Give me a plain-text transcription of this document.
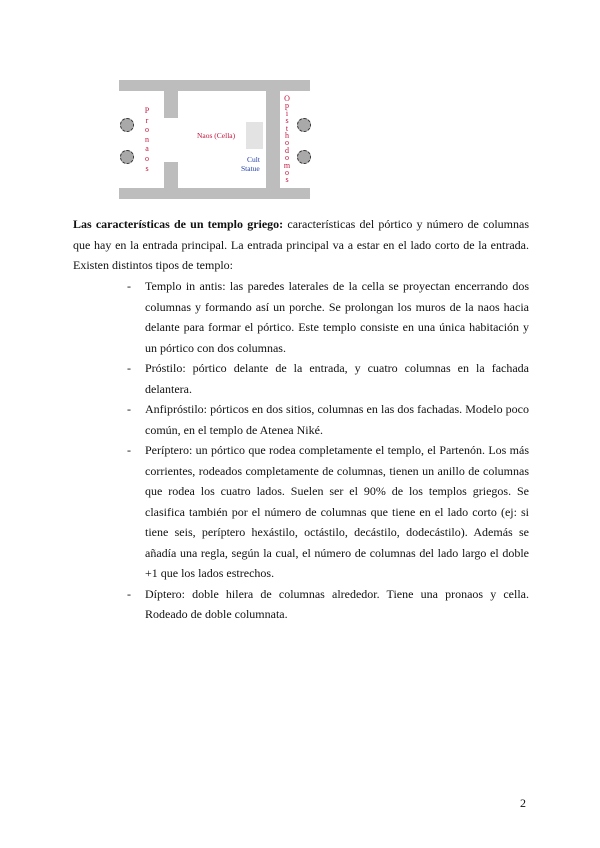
P
r
o
n
a
o
s
O
p
i
s
t
h
o
d
o
m
o
s
Naos (Cella)
Cult
Statue

Las características de un templo griego: características del pórtico y número de columnas que hay en la entrada principal. La entrada principal va a estar en el lado corto de la entrada. Existen distintos tipos de templo:

- Templo in antis: las paredes laterales de la cella se proyectan encerrando dos columnas y formando así un porche. Se prolongan los muros de la naos hacia delante para formar el pórtico. Este templo consiste en una única habitación y un pórtico con dos columnas.
- Próstilo: pórtico delante de la entrada, y cuatro columnas en la fachada delantera.
- Anfipróstilo: pórticos en dos sitios, columnas en las dos fachadas. Modelo poco común, en el templo de Atenea Niké.
- Períptero: un pórtico que rodea completamente el templo, el Partenón. Los más corrientes, rodeados completamente de columnas, tienen un anillo de columnas que rodea los cuatro lados. Suelen ser el 90% de los templos griegos. Se clasifica también por el número de columnas que tiene en el lado corto (ej: si tiene seis, períptero hexástilo, octástilo, decástilo, dodecástilo). Además se añadía una regla, según la cual, el número de columnas del lado largo el doble +1 que los lados estrechos.
- Díptero: doble hilera de columnas alrededor. Tiene una pronaos y cella. Rodeado de doble columnata.
2
